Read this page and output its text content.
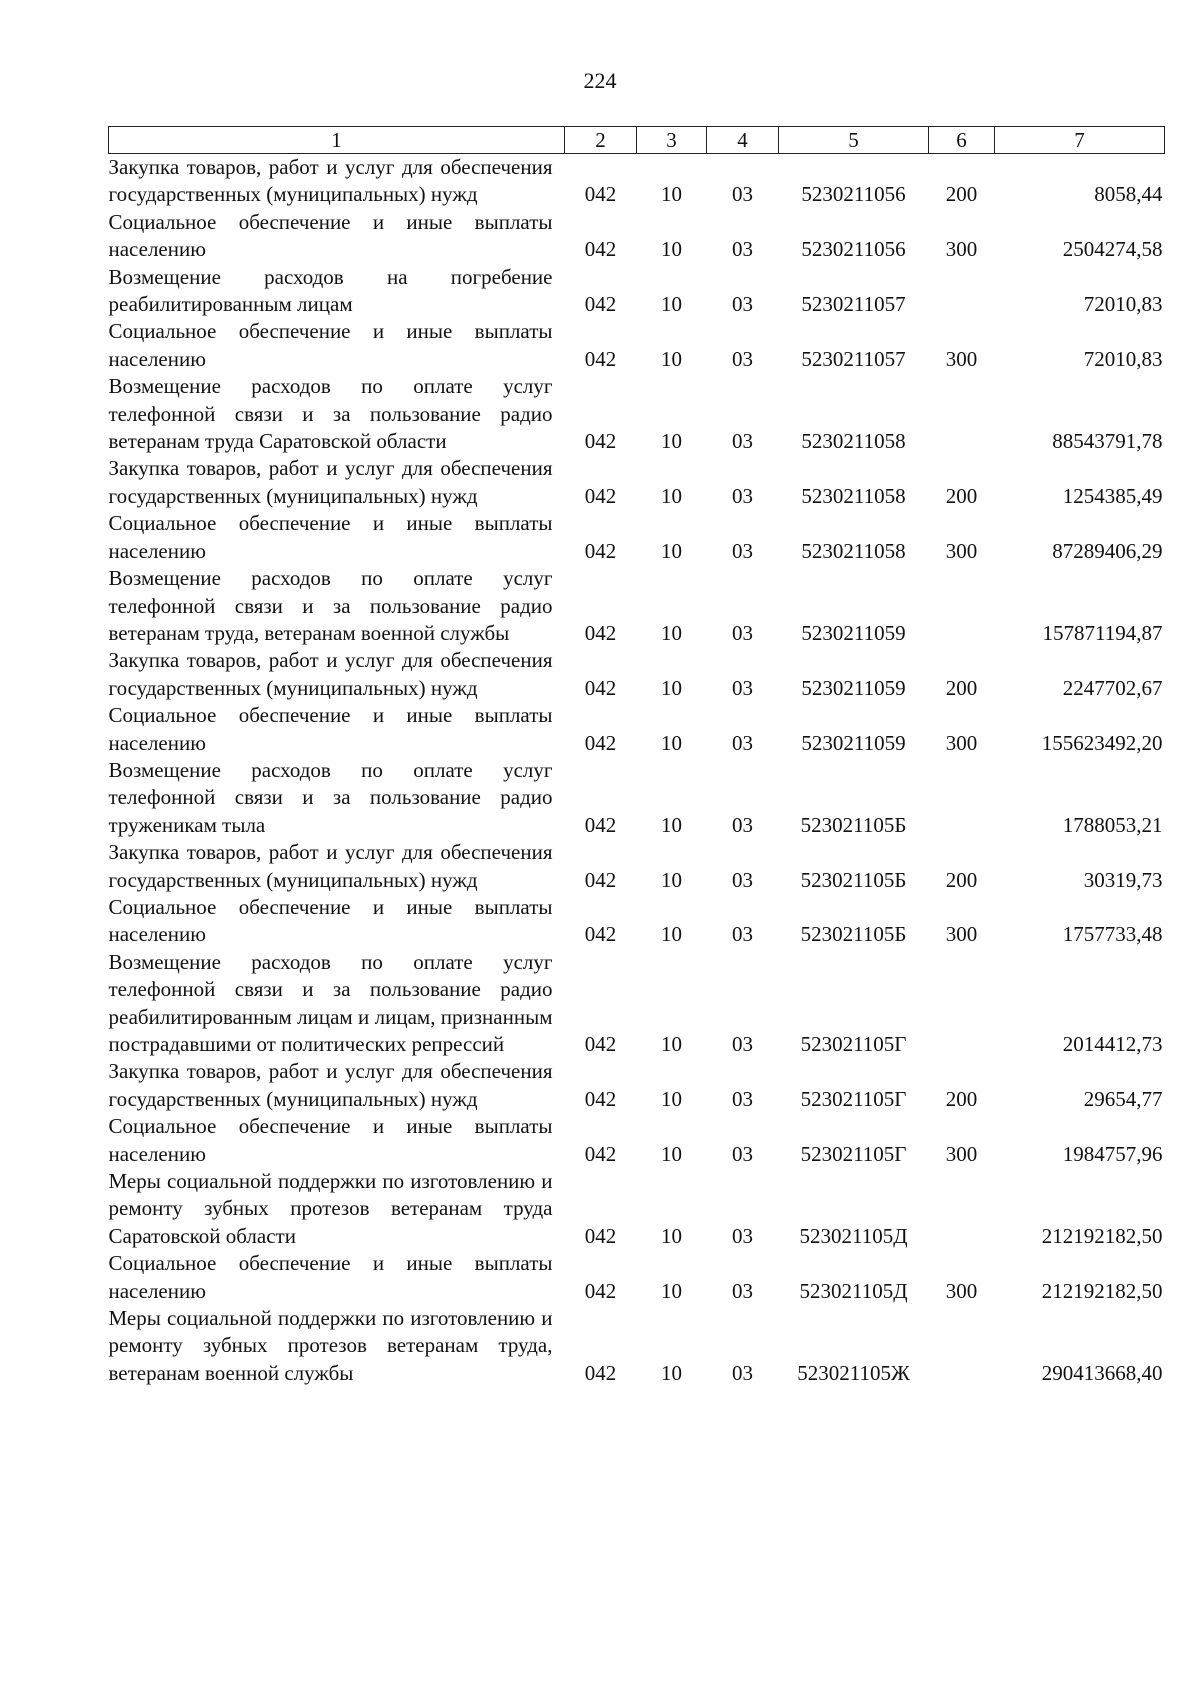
224
1	2	3	4	5	6	7
Закупка товаров, работ и услуг для обеспечения государственных (муниципальных) нужд	042	10	03	5230211056	200	8058,44
Социальное обеспечение и иные выплаты населению	042	10	03	5230211056	300	2504274,58
Возмещение расходов на погребение реабилитированным лицам	042	10	03	5230211057		72010,83
Социальное обеспечение и иные выплаты населению	042	10	03	5230211057	300	72010,83
Возмещение расходов по оплате услуг телефонной связи и за пользование радио ветеранам труда Саратовской области	042	10	03	5230211058		88543791,78
Закупка товаров, работ и услуг для обеспечения государственных (муниципальных) нужд	042	10	03	5230211058	200	1254385,49
Социальное обеспечение и иные выплаты населению	042	10	03	5230211058	300	87289406,29
Возмещение расходов по оплате услуг телефонной связи и за пользование радио ветеранам труда, ветеранам военной службы	042	10	03	5230211059		157871194,87
Закупка товаров, работ и услуг для обеспечения государственных (муниципальных) нужд	042	10	03	5230211059	200	2247702,67
Социальное обеспечение и иные выплаты населению	042	10	03	5230211059	300	155623492,20
Возмещение расходов по оплате услуг телефонной связи и за пользование радио труженикам тыла	042	10	03	523021105Б		1788053,21
Закупка товаров, работ и услуг для обеспечения государственных (муниципальных) нужд	042	10	03	523021105Б	200	30319,73
Социальное обеспечение и иные выплаты населению	042	10	03	523021105Б	300	1757733,48
Возмещение расходов по оплате услуг телефонной связи и за пользование радио реабилитированным лицам и лицам, признанным пострадавшими от политических репрессий	042	10	03	523021105Г		2014412,73
Закупка товаров, работ и услуг для обеспечения государственных (муниципальных) нужд	042	10	03	523021105Г	200	29654,77
Социальное обеспечение и иные выплаты населению	042	10	03	523021105Г	300	1984757,96
Меры социальной поддержки по изготовлению и ремонту зубных протезов ветеранам труда Саратовской области	042	10	03	523021105Д		212192182,50
Социальное обеспечение и иные выплаты населению	042	10	03	523021105Д	300	212192182,50
Меры социальной поддержки по изготовлению и ремонту зубных протезов ветеранам труда, ветеранам военной службы	042	10	03	523021105Ж		290413668,40
